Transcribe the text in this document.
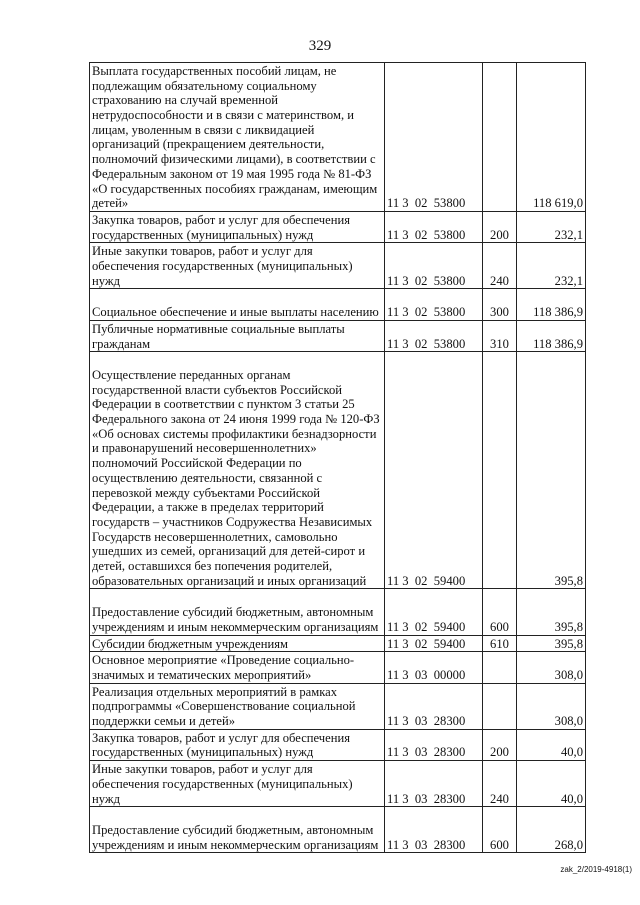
329
Выплата государственных пособий лицам, не подлежащим обязательному социальному страхованию на случай временной нетрудоспособности и в связи с материнством, и лицам, уволенным в связи с ликвидацией организаций (прекращением деятельности, полномочий физическими лицами), в соответствии с Федеральным законом от 19 мая 1995 года № 81-ФЗ «О государственных пособиях гражданам, имеющим детей»	11 3  02  53800		118 619,0
Закупка товаров, работ и услуг для обеспечения государственных (муниципальных) нужд	11 3  02  53800	200	232,1
Иные закупки товаров, работ и услуг для обеспечения государственных (муниципальных) нужд	11 3  02  53800	240	232,1
Социальное обеспечение и иные выплаты населению	11 3  02  53800	300	118 386,9
Публичные нормативные социальные выплаты гражданам	11 3  02  53800	310	118 386,9
Осуществление переданных органам государственной власти субъектов Российской Федерации в соответствии с пунктом 3 статьи 25 Федерального закона от 24 июня 1999 года № 120-ФЗ «Об основах системы профилактики безнадзорности и правонарушений несовершеннолетних» полномочий Российской Федерации по осуществлению деятельности, связанной с перевозкой между субъектами Российской Федерации, а также в пределах территорий государств – участников Содружества Независимых Государств несовершеннолетних, самовольно ушедших из семей, организаций для детей-сирот и детей, оставшихся без попечения родителей, образовательных организаций и иных организаций	11 3  02  59400		395,8
Предоставление субсидий бюджетным, автономным учреждениям и иным некоммерческим организациям	11 3  02  59400	600	395,8
Субсидии бюджетным учреждениям	11 3  02  59400	610	395,8
Основное мероприятие «Проведение социально-значимых и тематических мероприятий»	11 3  03  00000		308,0
Реализация отдельных мероприятий в рамках подпрограммы «Совершенствование социальной поддержки семьи и детей»	11 3  03  28300		308,0
Закупка товаров, работ и услуг для обеспечения государственных (муниципальных) нужд	11 3  03  28300	200	40,0
Иные закупки товаров, работ и услуг для обеспечения государственных (муниципальных) нужд	11 3  03  28300	240	40,0
Предоставление субсидий бюджетным, автономным учреждениям и иным некоммерческим организациям	11 3  03  28300	600	268,0
zak_2/2019-4918(1)
